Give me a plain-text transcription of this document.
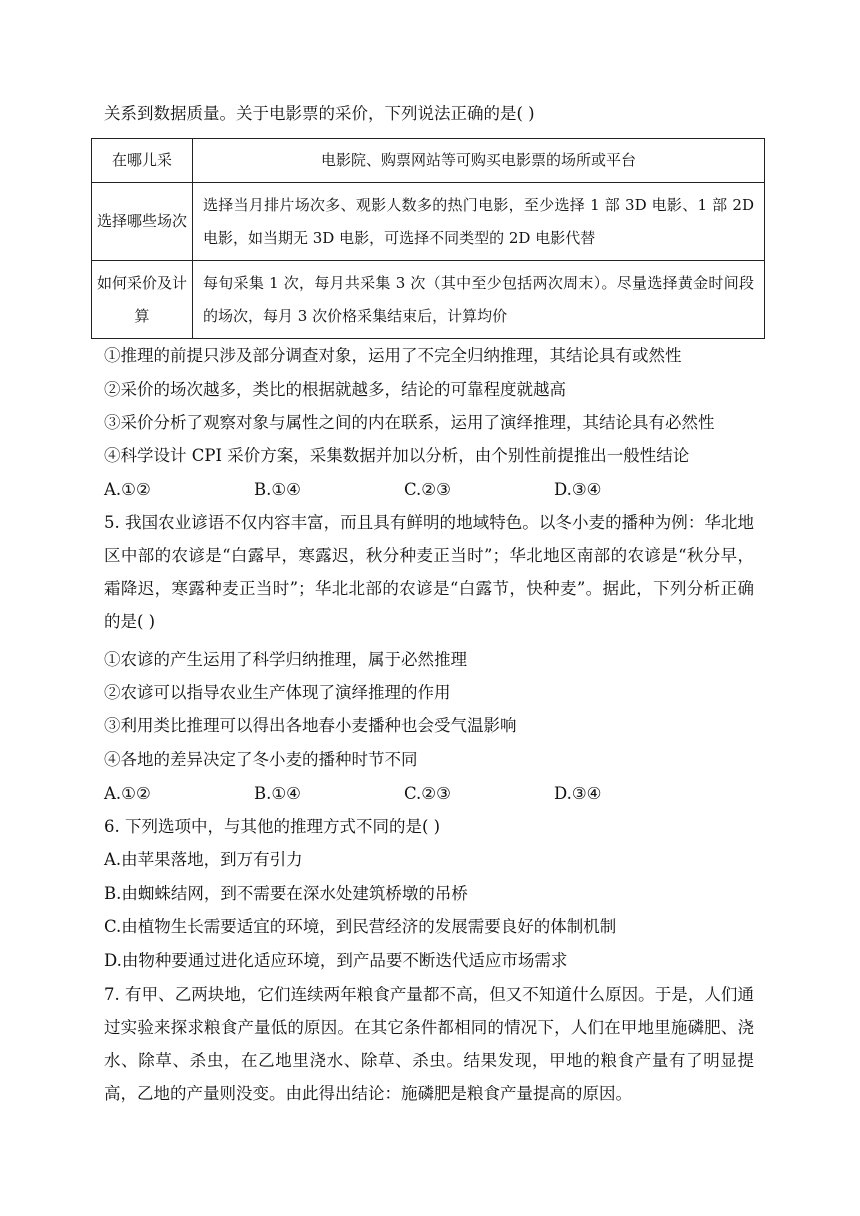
关系到数据质量。关于电影票的采价，下列说法正确的是( )
在哪儿采	电影院、购票网站等可购买电影票的场所或平台
选择哪些场次	选择当月排片场次多、观影人数多的热门电影，至少选择 1 部 3D 电影、1 部 2D 电影，如当期无 3D 电影，可选择不同类型的 2D 电影代替
如何采价及计算	每旬采集 1 次，每月共采集 3 次（其中至少包括两次周末）。尽量选择黄金时间段的场次，每月 3 次价格采集结束后，计算均价
①推理的前提只涉及部分调查对象，运用了不完全归纳推理，其结论具有或然性
②采价的场次越多，类比的根据就越多，结论的可靠程度就越高
③采价分析了观察对象与属性之间的内在联系，运用了演绎推理，其结论具有必然性
④科学设计 CPI 采价方案，采集数据并加以分析，由个别性前提推出一般性结论
A.①②	B.①④	C.②③	D.③④
5. 我国农业谚语不仅内容丰富，而且具有鲜明的地域特色。以冬小麦的播种为例：华北地区中部的农谚是“白露早，寒露迟，秋分种麦正当时”；华北地区南部的农谚是“秋分早，霜降迟，寒露种麦正当时”；华北北部的农谚是“白露节，快种麦”。据此，下列分析正确的是( )
①农谚的产生运用了科学归纳推理，属于必然推理
②农谚可以指导农业生产体现了演绎推理的作用
③利用类比推理可以得出各地春小麦播种也会受气温影响
④各地的差异决定了冬小麦的播种时节不同
A.①②	B.①④	C.②③	D.③④
6. 下列选项中，与其他的推理方式不同的是( )
A.由苹果落地，到万有引力
B.由蜘蛛结网，到不需要在深水处建筑桥墩的吊桥
C.由植物生长需要适宜的环境，到民营经济的发展需要良好的体制机制
D.由物种要通过进化适应环境，到产品要不断迭代适应市场需求
7. 有甲、乙两块地，它们连续两年粮食产量都不高，但又不知道什么原因。于是，人们通过实验来探求粮食产量低的原因。在其它条件都相同的情况下，人们在甲地里施磷肥、浇水、除草、杀虫，在乙地里浇水、除草、杀虫。结果发现，甲地的粮食产量有了明显提高，乙地的产量则没变。由此得出结论：施磷肥是粮食产量提高的原因。
